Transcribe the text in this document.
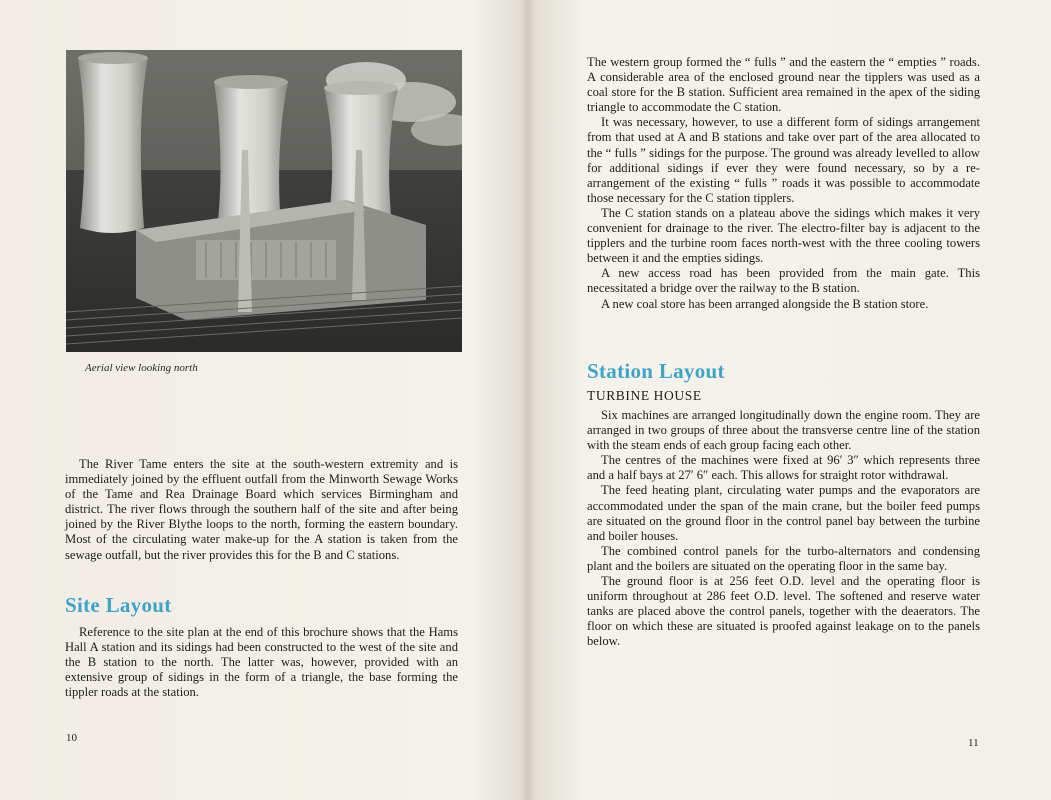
Aerial view looking north

The River Tame enters the site at the south-western extremity and is immediately joined by the effluent outfall from the Minworth Sewage Works of the Tame and Rea Drainage Board which services Birmingham and district. The river flows through the southern half of the site and after being joined by the River Blythe loops to the north, forming the eastern boundary. Most of the circulating water make-up for the A station is taken from the sewage outfall, but the river provides this for the B and C stations.

Site Layout

Reference to the site plan at the end of this brochure shows that the Hams Hall A station and its sidings had been constructed to the west of the site and the B station to the north. The latter was, however, provided with an extensive group of sidings in the form of a triangle, the base forming the tippler roads at the station.

10

The western group formed the “ fulls ” and the eastern the “ empties ” roads. A considerable area of the enclosed ground near the tipplers was used as a coal store for the B station. Sufficient area remained in the apex of the siding triangle to accommodate the C station.

It was necessary, however, to use a different form of sidings arrangement from that used at A and B stations and take over part of the area allocated to the “ fulls ” sidings for the purpose. The ground was already levelled to allow for additional sidings if ever they were found necessary, so by a re-arrangement of the existing “ fulls ” roads it was possible to accommodate those necessary for the C station tipplers.

The C station stands on a plateau above the sidings which makes it very convenient for drainage to the river. The electro-filter bay is adjacent to the tipplers and the turbine room faces north-west with the three cooling towers between it and the empties sidings.

A new access road has been provided from the main gate. This necessitated a bridge over the railway to the B station.

A new coal store has been arranged alongside the B station store.

Station Layout
TURBINE HOUSE

Six machines are arranged longitudinally down the engine room. They are arranged in two groups of three about the transverse centre line of the station with the steam ends of each group facing each other.

The centres of the machines were fixed at 96′ 3″ which represents three and a half bays at 27′ 6″ each. This allows for straight rotor withdrawal.

The feed heating plant, circulating water pumps and the evaporators are accommodated under the span of the main crane, but the boiler feed pumps are situated on the ground floor in the control panel bay between the turbine and boiler houses.

The combined control panels for the turbo-alternators and condensing plant and the boilers are situated on the operating floor in the same bay.

The ground floor is at 256 feet O.D. level and the operating floor is uniform throughout at 286 feet O.D. level. The softened and reserve water tanks are placed above the control panels, together with the deaerators. The floor on which these are situated is proofed against leakage on to the panels below.

11
